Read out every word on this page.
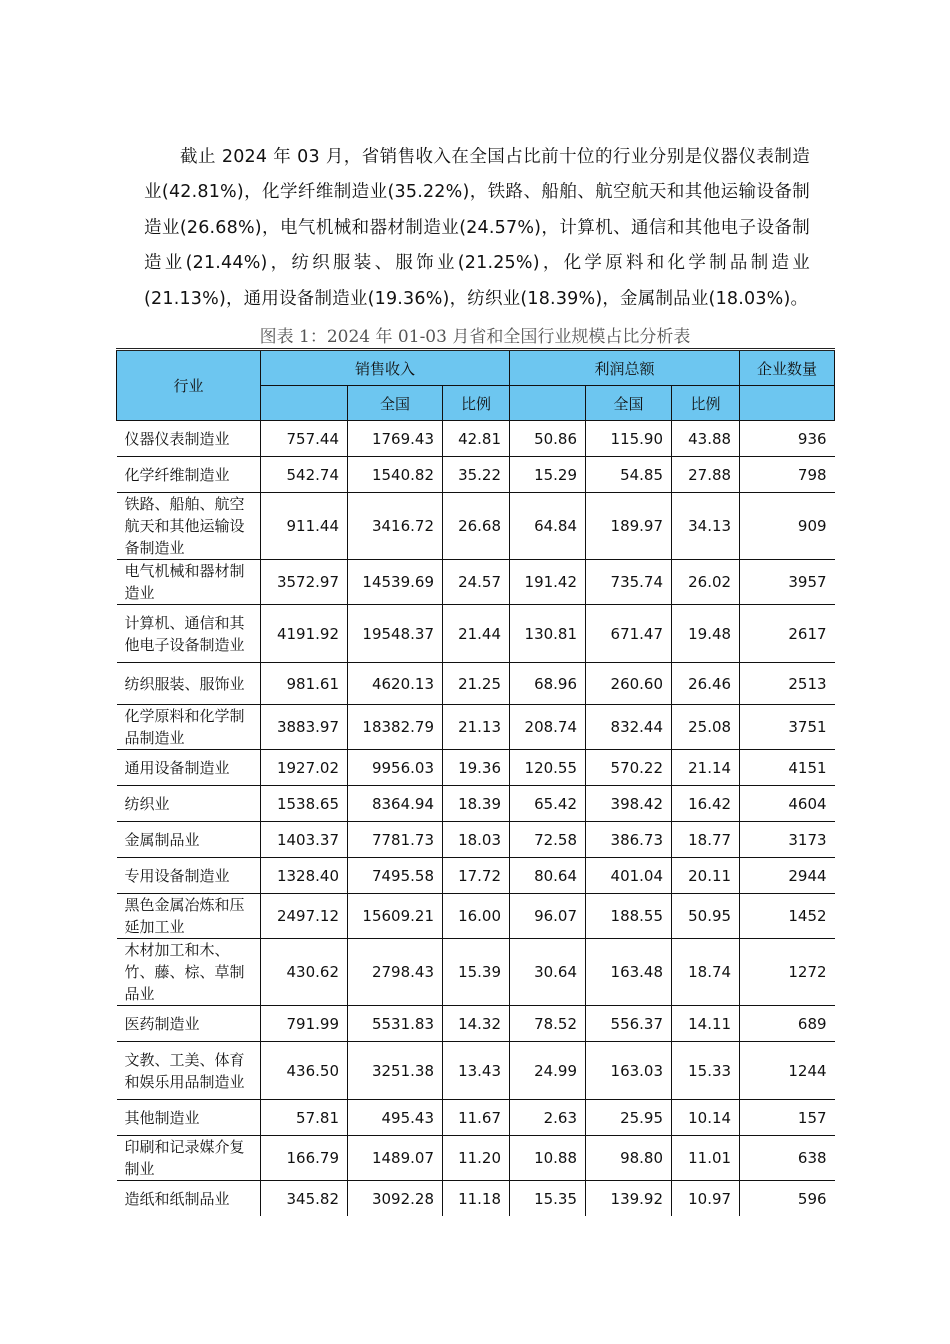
截止 2024 年 03 月，省销售收入在全国占比前十位的行业分别是仪器仪表制造业(42.81%)，化学纤维制造业(35.22%)，铁路、船舶、航空航天和其他运输设备制造业(26.68%)，电气机械和器材制造业(24.57%)，计算机、通信和其他电子设备制造业(21.44%)，纺织服装、服饰业(21.25%)，化学原料和化学制品制造业(21.13%)，通用设备制造业(19.36%)，纺织业(18.39%)，金属制品业(18.03%)。

图表 1：2024 年 01-03 月省和全国行业规模占比分析表
行业	销售收入			利润总额			企业数量
		全国	比例		全国	比例	
仪器仪表制造业	757.44	1769.43	42.81	50.86	115.90	43.88	936
化学纤维制造业	542.74	1540.82	35.22	15.29	54.85	27.88	798
铁路、船舶、航空航天和其他运输设备制造业	911.44	3416.72	26.68	64.84	189.97	34.13	909
电气机械和器材制造业	3572.97	14539.69	24.57	191.42	735.74	26.02	3957
计算机、通信和其他电子设备制造业	4191.92	19548.37	21.44	130.81	671.47	19.48	2617
纺织服装、服饰业	981.61	4620.13	21.25	68.96	260.60	26.46	2513
化学原料和化学制品制造业	3883.97	18382.79	21.13	208.74	832.44	25.08	3751
通用设备制造业	1927.02	9956.03	19.36	120.55	570.22	21.14	4151
纺织业	1538.65	8364.94	18.39	65.42	398.42	16.42	4604
金属制品业	1403.37	7781.73	18.03	72.58	386.73	18.77	3173
专用设备制造业	1328.40	7495.58	17.72	80.64	401.04	20.11	2944
黑色金属冶炼和压延加工业	2497.12	15609.21	16.00	96.07	188.55	50.95	1452
木材加工和木、竹、藤、棕、草制品业	430.62	2798.43	15.39	30.64	163.48	18.74	1272
医药制造业	791.99	5531.83	14.32	78.52	556.37	14.11	689
文教、工美、体育和娱乐用品制造业	436.50	3251.38	13.43	24.99	163.03	15.33	1244
其他制造业	57.81	495.43	11.67	2.63	25.95	10.14	157
印刷和记录媒介复制业	166.79	1489.07	11.20	10.88	98.80	11.01	638
造纸和纸制品业	345.82	3092.28	11.18	15.35	139.92	10.97	596
